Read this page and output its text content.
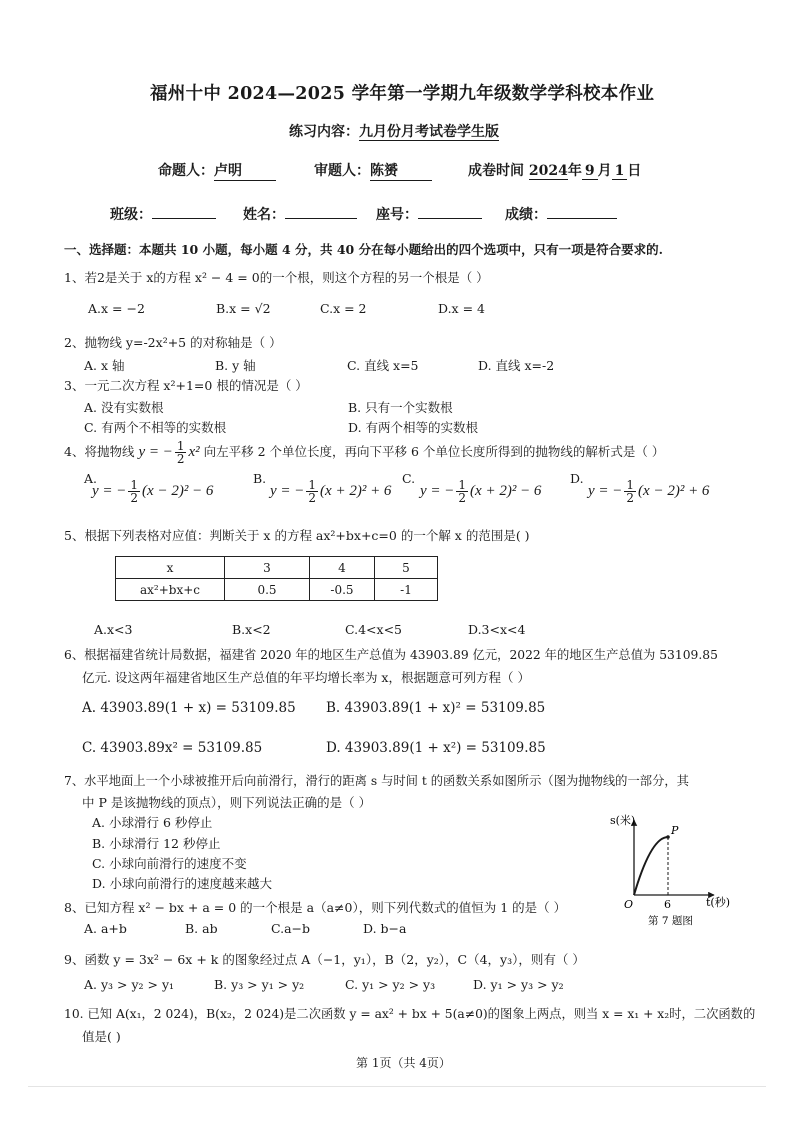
福州十中 2024—2025 学年第一学期九年级数学学科校本作业
练习内容：九月份月考试卷学生版
命题人：卢明	审题人：陈赟	成卷时间 2024年 9 月 1 日
班级：	姓名：	座号：	成绩：
一、选择题：本题共 10 小题，每小题 4 分，共 40 分在每小题给出的四个选项中，只有一项是符合要求的.
1、若2是关于 x的方程 x² − 4 = 0的一个根，则这个方程的另一个根是（ ）
A.x = −2	B.x = √2	C.x = 2	D.x = 4
2、抛物线 y=-2x²+5 的对称轴是（ ）
A. x 轴	B. y 轴	C. 直线 x=5	D. 直线 x=-2
3、一元二次方程 x²+1=0 根的情况是（ ）
A. 没有实数根	B. 只有一个实数根
C. 有两个不相等的实数根	D. 有两个相等的实数根
4、将抛物线 y = − $\frac{1}{2} x^2$ 向左平移 2 个单位长度，再向下平移 6 个单位长度所得到的抛物线的解析式是（ ）
A.
y = − $\frac{1}{2} (x - 2)^2 - 6$
B.
y = − $\frac{1}{2} (x + 2)^2 + 6$
C.
y = − $\frac{1}{2} (x + 2)^2 - 6$
D.
y = − $\frac{1}{2} (x - 2)^2 + 6$
5、根据下列表格对应值：判断关于 x 的方程 ax²+bx+c=0 的一个解 x 的范围是( )
x	3	4	5
ax²+bx+c	0.5	-0.5	-1
A.x<3	B.x<2	C.4<x<5	D.3<x<4
6、根据福建省统计局数据，福建省 2020 年的地区生产总值为 43903.89 亿元，2022 年的地区生产总值为 53109.85
亿元. 设这两年福建省地区生产总值的年平均增长率为 x，根据题意可列方程（ ）
A. 43903.89(1 + x) = 53109.85 B. 43903.89(1 + x)² = 53109.85
C. 43903.89x² = 53109.85	D. 43903.89(1 + x²) = 53109.85
7、水平地面上一个小球被推开后向前滑行，滑行的距离 s 与时间 t 的函数关系如图所示（图为抛物线的一部分，其
中 P 是该抛物线的顶点），则下列说法正确的是（ ）
A. 小球滑行 6 秒停止
B. 小球滑行 12 秒停止
C. 小球向前滑行的速度不变
D. 小球向前滑行的速度越来越大
s(米)
t(秒)
O
P
6
第 7 题图
8、已知方程 x² − bx + a = 0 的一个根是 a（a≠0），则下列代数式的值恒为 1 的是（ ）
A. a+b	B. ab	C.a−b	D. b−a
9、函数 y = 3x² − 6x + k 的图象经过点 A（−1，y₁），B（2，y₂），C（4，y₃），则有（ ）
A. y₃ > y₂ > y₁	B. y₃ > y₁ > y₂	C. y₁ > y₂ > y₃	D. y₁ > y₃ > y₂
10. 已知 A(x₁，2 024)，B(x₂，2 024)是二次函数 y = ax² + bx + 5(a≠0)的图象上两点，则当 x = x₁ + x₂时，二次函数的
值是( )
第 1页（共 4页）
